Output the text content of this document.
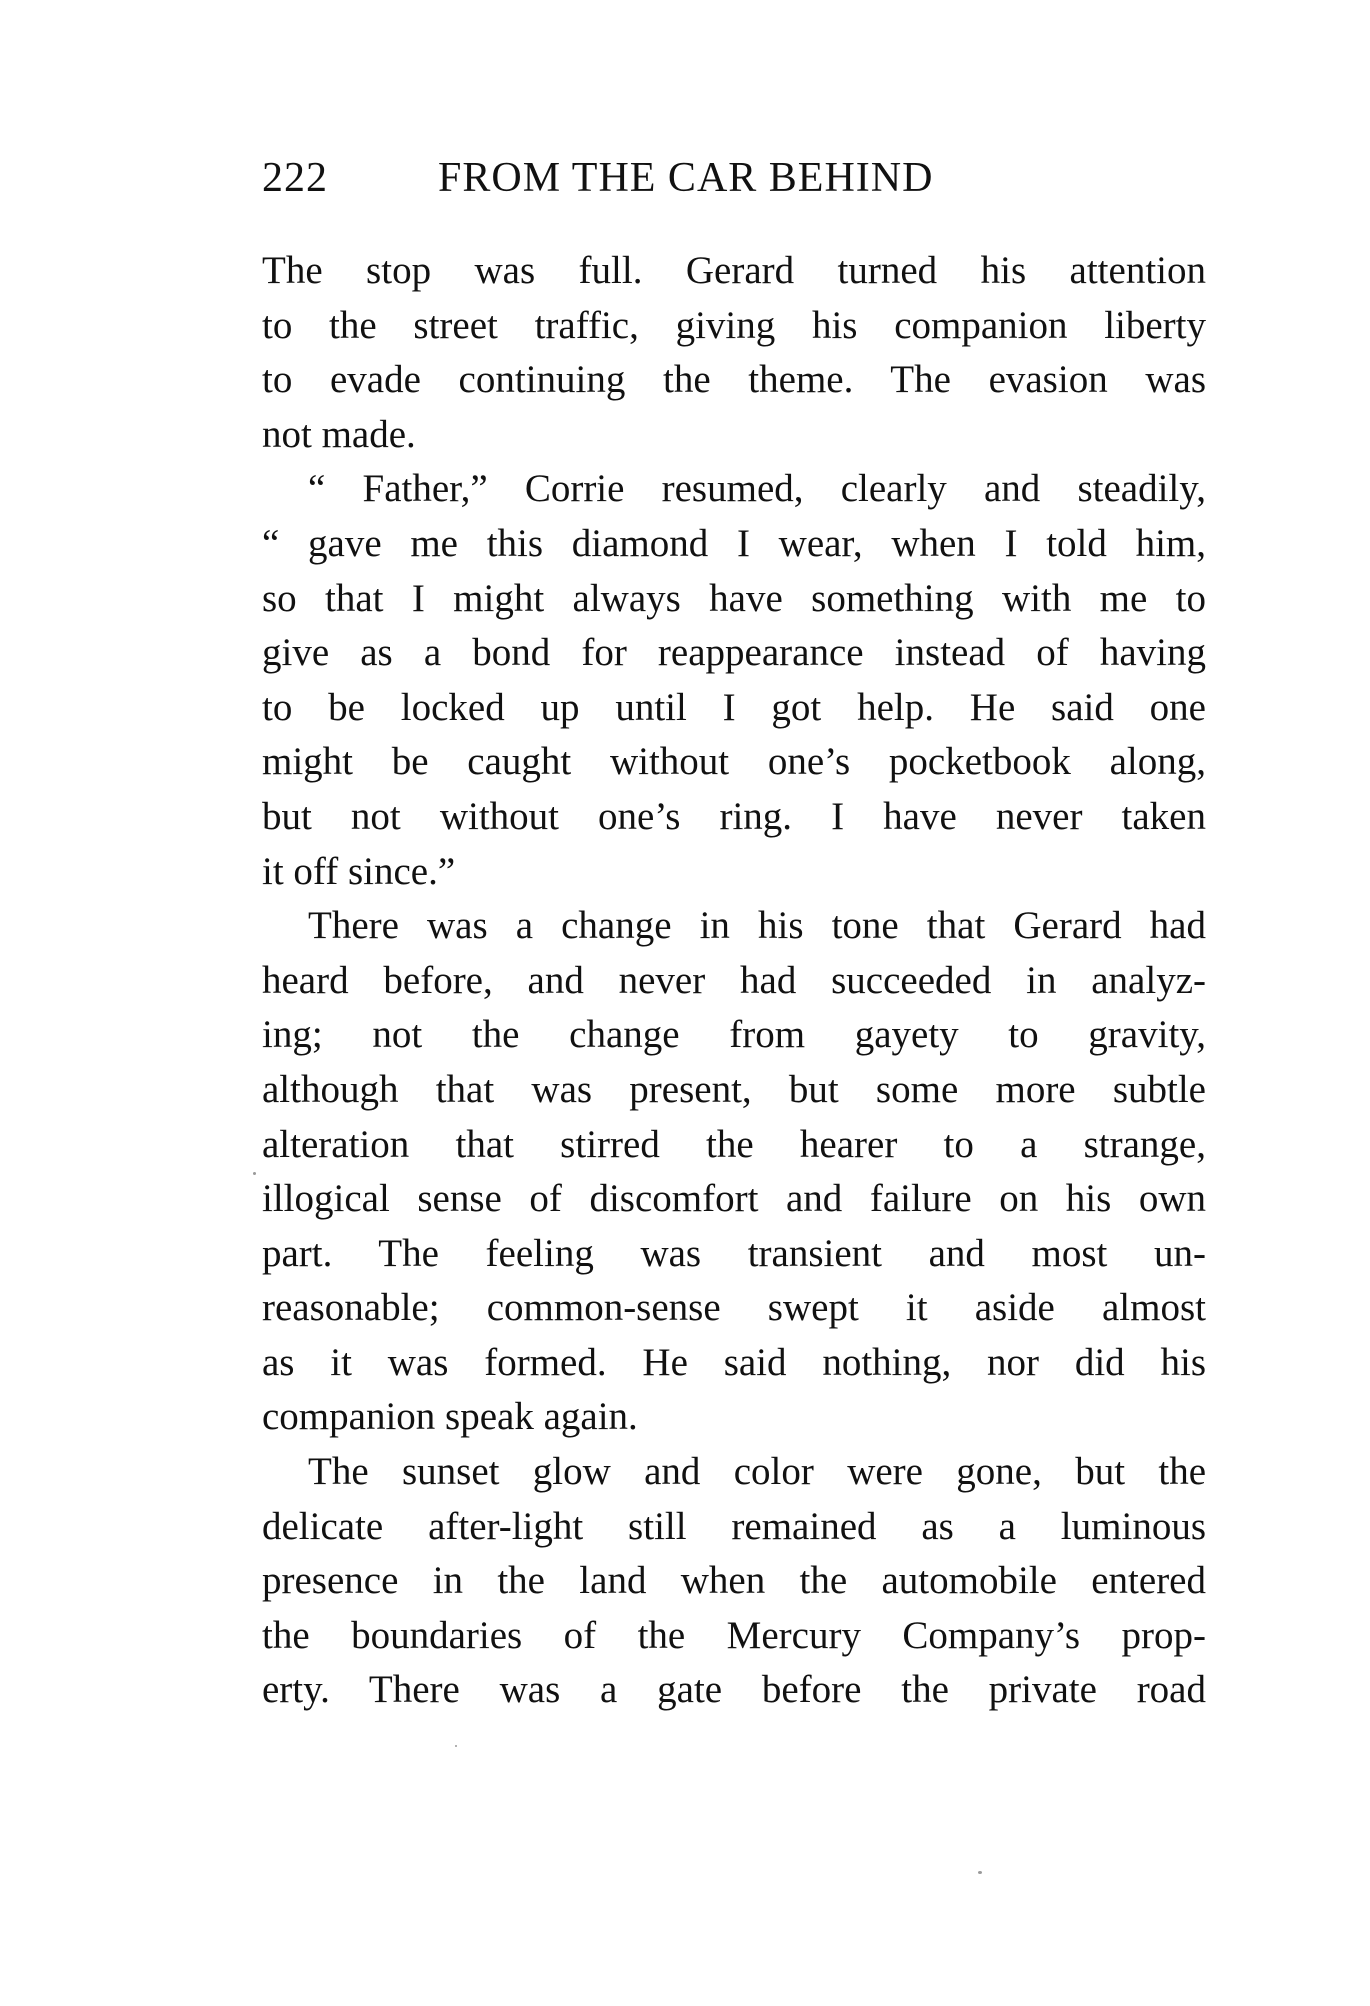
222	FROM THE CAR BEHIND
The stop was full. Gerard turned his attention
to the street traffic, giving his companion liberty
to evade continuing the theme. The evasion was
not made.
“ Father,” Corrie resumed, clearly and steadily,
“ gave me this diamond I wear, when I told him,
so that I might always have something with me to
give as a bond for reappearance instead of having
to be locked up until I got help. He said one
might be caught without one’s pocketbook along,
but not without one’s ring. I have never taken
it off since.”
There was a change in his tone that Gerard had
heard before, and never had succeeded in analyz-
ing; not the change from gayety to gravity,
although that was present, but some more subtle
alteration that stirred the hearer to a strange,
illogical sense of discomfort and failure on his own
part. The feeling was transient and most un-
reasonable; common-sense swept it aside almost
as it was formed. He said nothing, nor did his
companion speak again.
The sunset glow and color were gone, but the
delicate after-light still remained as a luminous
presence in the land when the automobile entered
the boundaries of the Mercury Company’s prop-
erty. There was a gate before the private road
